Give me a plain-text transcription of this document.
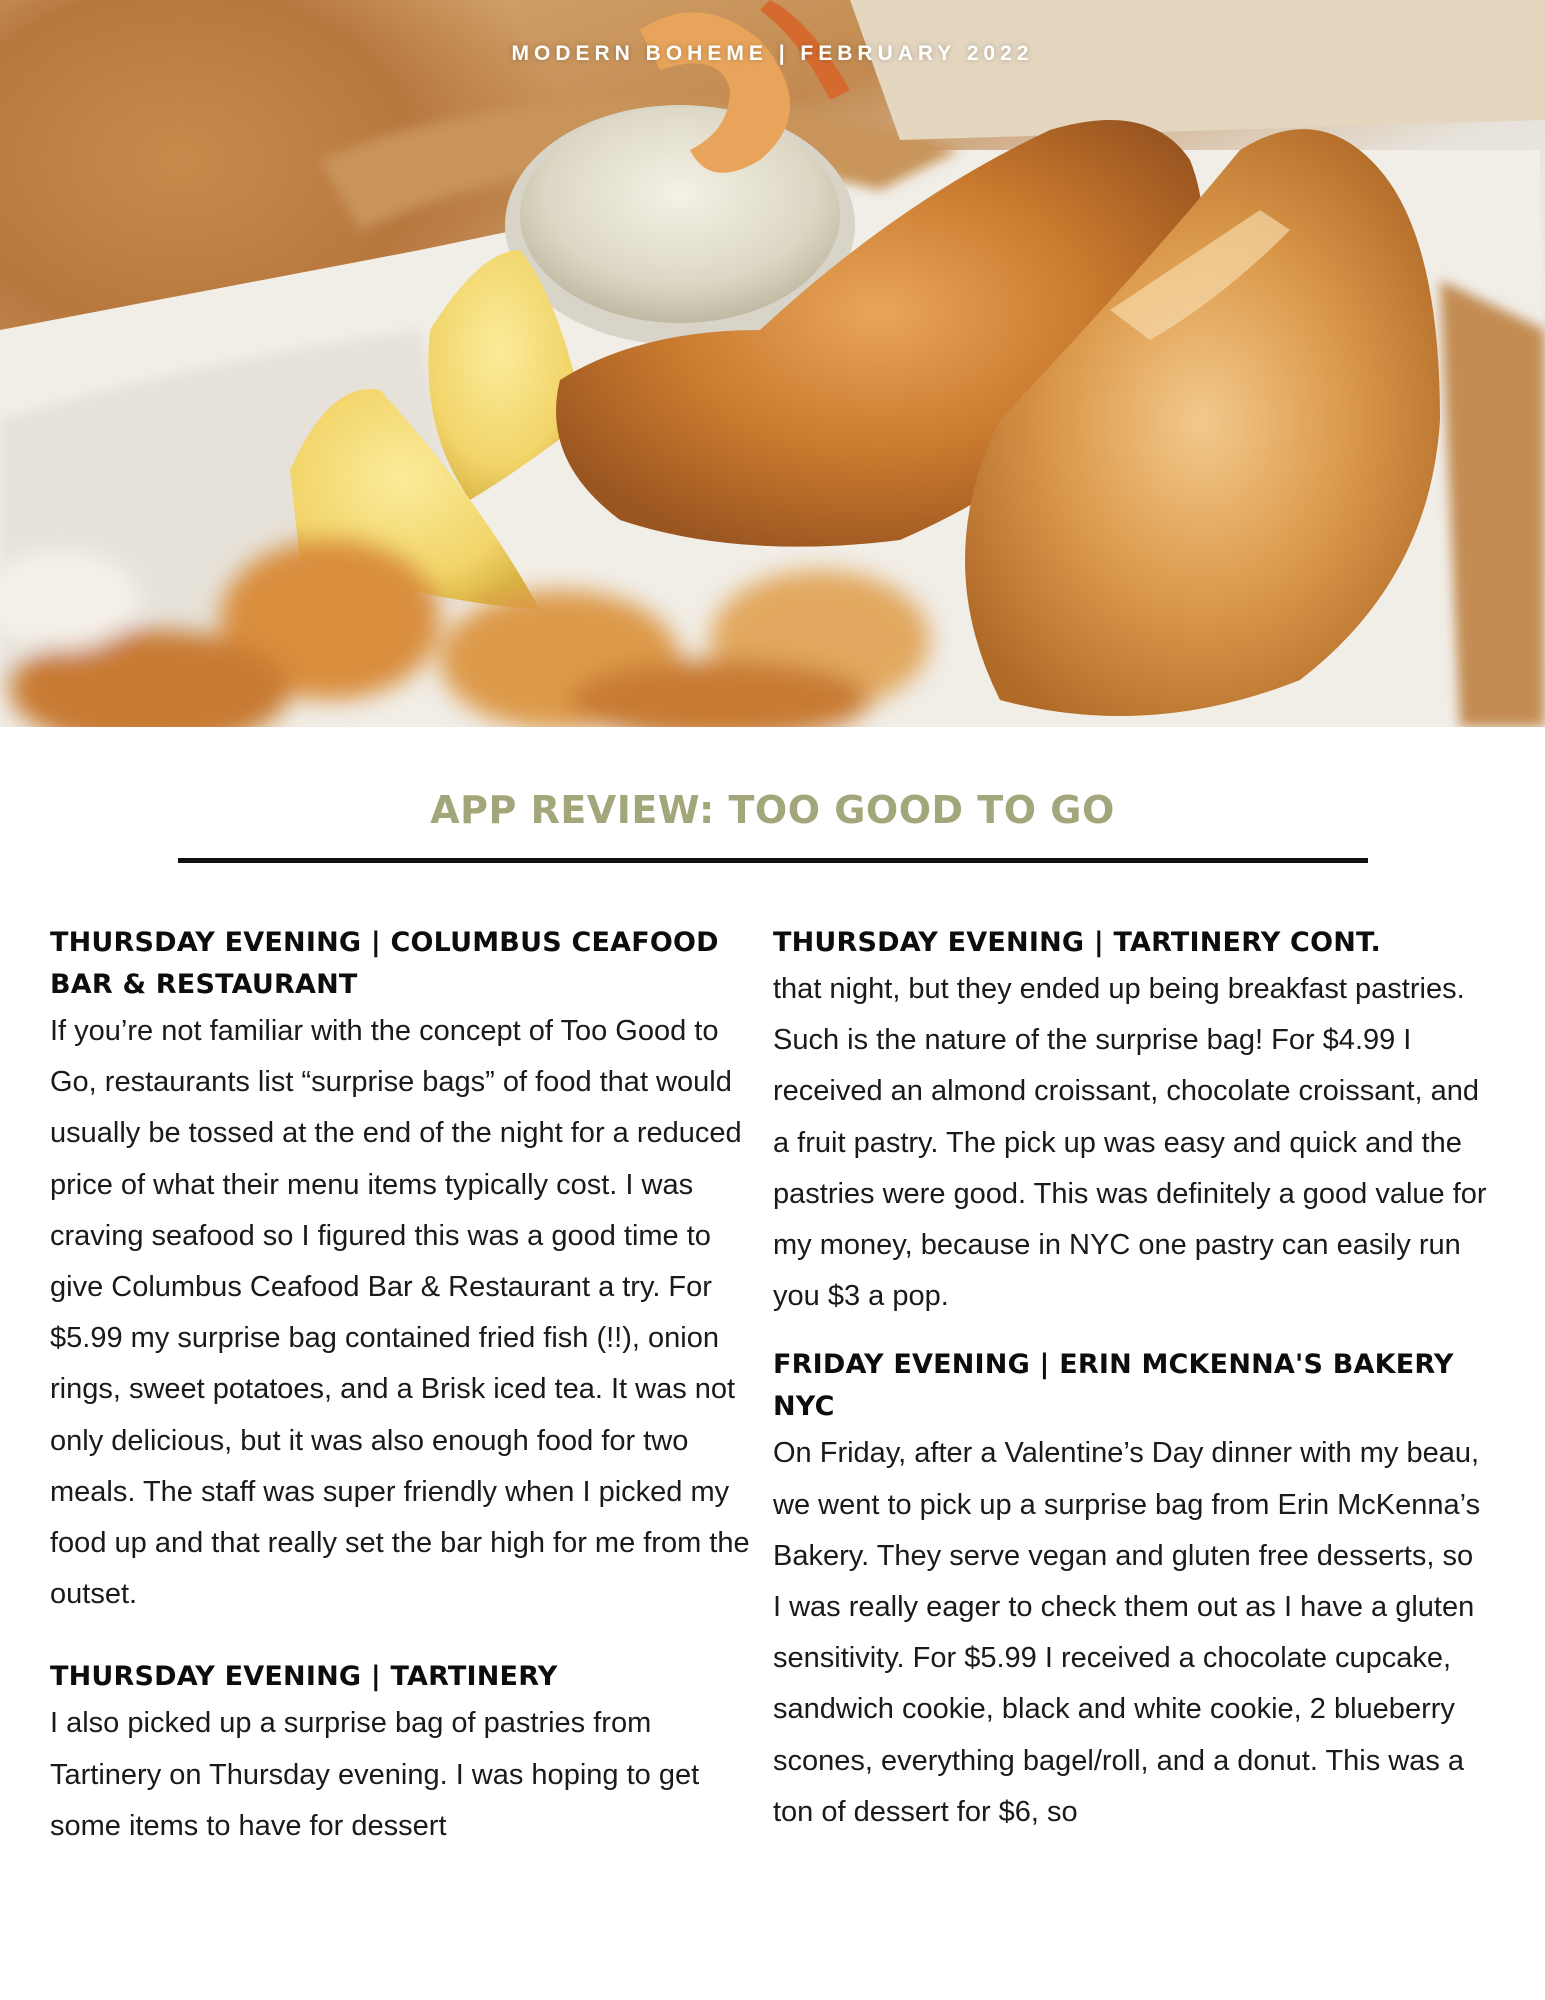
MODERN BOHEME | FEBRUARY 2022
APP REVIEW: TOO GOOD TO GO
THURSDAY EVENING | COLUMBUS CEAFOOD BAR & RESTAURANT

If you’re not familiar with the concept of Too Good to Go, restaurants list “surprise bags” of food that would usually be tossed at the end of the night for a reduced price of what their menu items typically cost. I was craving seafood so I figured this was a good time to give Columbus Ceafood Bar & Restaurant a try. For $5.99 my surprise bag contained fried fish (!!), onion rings, sweet potatoes, and a Brisk iced tea. It was not only delicious, but it was also enough food for two meals. The staff was super friendly when I picked my food up and that really set the bar high for me from the outset.

THURSDAY EVENING | TARTINERY

I also picked up a surprise bag of pastries from Tartinery on Thursday evening. I was hoping to get some items to have for dessert

THURSDAY EVENING | TARTINERY CONT.

that night, but they ended up being breakfast pastries. Such is the nature of the surprise bag! For $4.99 I received an almond croissant, chocolate croissant, and a fruit pastry. The pick up was easy and quick and the pastries were good. This was definitely a good value for my money, because in NYC one pastry can easily run you $3 a pop.

FRIDAY EVENING | ERIN MCKENNA'S BAKERY NYC

On Friday, after a Valentine’s Day dinner with my beau, we went to pick up a surprise bag from Erin McKenna’s Bakery. They serve vegan and gluten free desserts, so I was really eager to check them out as I have a gluten sensitivity. For $5.99 I received a chocolate cupcake, sandwich cookie, black and white cookie, 2 blueberry scones, everything bagel/roll, and a donut. This was a ton of dessert for $6, so
